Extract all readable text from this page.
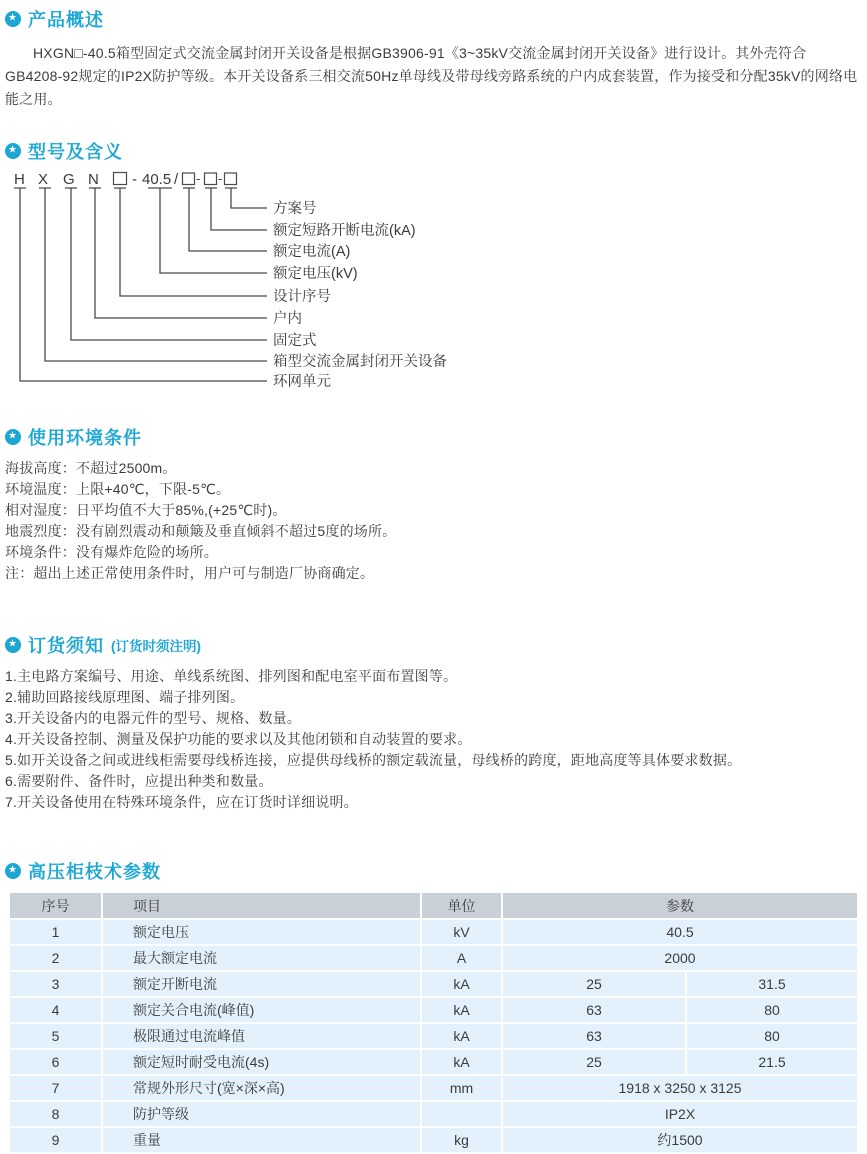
★ 产品概述

HXGN□-40.5箱型固定式交流金属封闭开关设备是根据GB3906-91《3~35kV交流金属封闭开关设备》进行设计。其外壳符合GB4208-92规定的IP2X防护等级。本开关设备系三相交流50Hz单母线及带母线旁路系统的户内成套装置，作为接受和分配35kV的网络电能之用。

★ 型号及含义
H X G N - 40.5 / - -
方案号
额定短路开断电流(kA)
额定电流(A)
额定电压(kV)
设计序号
户内
固定式
箱型交流金属封闭开关设备
环网单元
★ 使用环境条件
海拔高度：不超过2500m。
环境温度：上限+40℃，下限-5℃。
相对湿度：日平均值不大于85%,(+25℃时)。
地震烈度：没有剧烈震动和颠簸及垂直倾斜不超过5度的场所。
环境条件：没有爆炸危险的场所。
注：超出上述正常使用条件时，用户可与制造厂协商确定。
★ 订货须知 (订货时须注明)
1.主电路方案编号、用途、单线系统图、排列图和配电室平面布置图等。
2.辅助回路接线原理图、端子排列图。
3.开关设备内的电器元件的型号、规格、数量。
4.开关设备控制、测量及保护功能的要求以及其他闭锁和自动装置的要求。
5.如开关设备之间或进线柜需要母线桥连接，应提供母线桥的额定载流量，母线桥的跨度，距地高度等具体要求数据。
6.需要附件、备件时，应提出种类和数量。
7.开关设备使用在特殊环境条件，应在订货时详细说明。
★ 高压柜枝术参数
序号	项目	单位	参数	
1	额定电压	kV	40.5	
2	最大额定电流	A	2000	
3	额定开断电流	kA	25	31.5
4	额定关合电流(峰值)	kA	63	80
5	极限通过电流峰值	kA	63	80
6	额定短时耐受电流(4s)	kA	25	21.5
7	常规外形尺寸(宽×深×高)	mm	1918 x 3250 x 3125	
8	防护等级		IP2X	
9	重量	kg	约1500	
